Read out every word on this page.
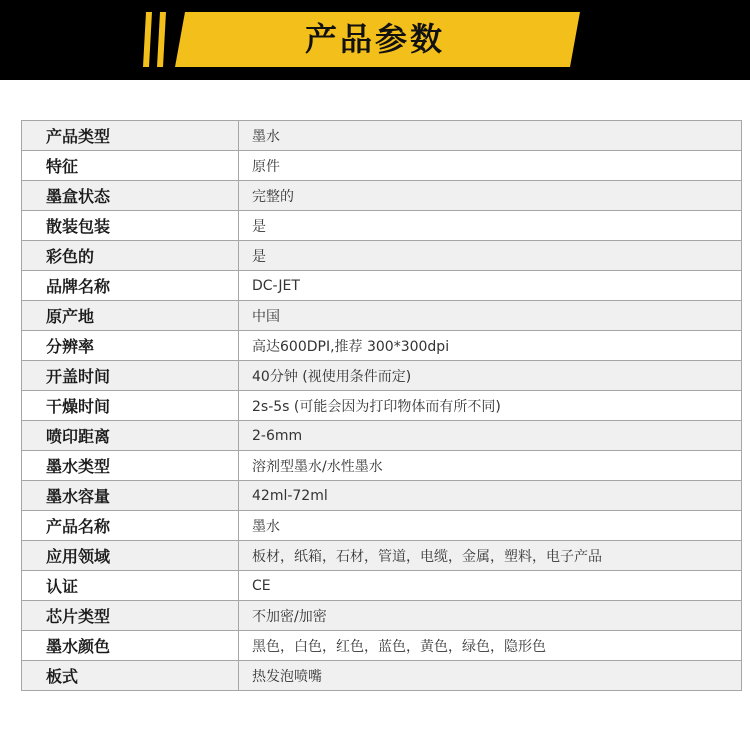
产品参数
产品类型	墨水
特征	原件
墨盒状态	完整的
散装包装	是
彩色的	是
品牌名称	DC-JET
原产地	中国
分辨率	高达600DPI,推荐 300*300dpi
开盖时间	40分钟 (视使用条件而定)
干燥时间	2s-5s (可能会因为打印物体而有所不同)
喷印距离	2-6mm
墨水类型	溶剂型墨水/水性墨水
墨水容量	42ml-72ml
产品名称	墨水
应用领域	板材，纸箱，石材，管道，电缆，金属，塑料，电子产品
认证	CE
芯片类型	不加密/加密
墨水颜色	黑色，白色，红色，蓝色，黄色，绿色，隐形色
板式	热发泡喷嘴
